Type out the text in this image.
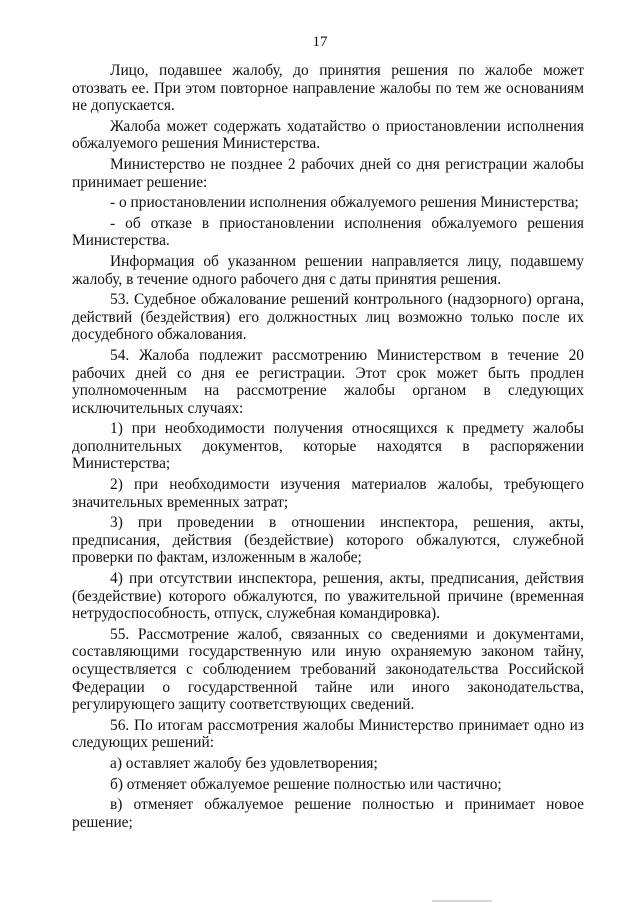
17

Лицо, подавшее жалобу, до принятия решения по жалобе может отозвать ее. При этом повторное направление жалобы по тем же основаниям не допускается.

Жалоба может содержать ходатайство о приостановлении исполнения обжалуемого решения Министерства.

Министерство не позднее 2 рабочих дней со дня регистрации жалобы принимает решение:

- о приостановлении исполнения обжалуемого решения Министерства;

- об отказе в приостановлении исполнения обжалуемого решения Министерства.

Информация об указанном решении направляется лицу, подавшему жалобу, в течение одного рабочего дня с даты принятия решения.

53. Судебное обжалование решений контрольного (надзорного) органа, действий (бездействия) его должностных лиц возможно только после их досудебного обжалования.

54. Жалоба подлежит рассмотрению Министерством в течение 20 рабочих дней со дня ее регистрации. Этот срок может быть продлен уполномоченным на рассмотрение жалобы органом в следующих исключительных случаях:

1) при необходимости получения относящихся к предмету жалобы дополнительных документов, которые находятся в распоряжении Министерства;

2) при необходимости изучения материалов жалобы, требующего значительных временных затрат;

3) при проведении в отношении инспектора, решения, акты, предписания, действия (бездействие) которого обжалуются, служебной проверки по фактам, изложенным в жалобе;

4) при отсутствии инспектора, решения, акты, предписания, действия (бездействие) которого обжалуются, по уважительной причине (временная нетрудоспособность, отпуск, служебная командировка).

55. Рассмотрение жалоб, связанных со сведениями и документами, составляющими государственную или иную охраняемую законом тайну, осуществляется с соблюдением требований законодательства Российской Федерации о государственной тайне или иного законодательства, регулирующего защиту соответствующих сведений.

56. По итогам рассмотрения жалобы Министерство принимает одно из следующих решений:

а) оставляет жалобу без удовлетворения;

б) отменяет обжалуемое решение полностью или частично;

в) отменяет обжалуемое решение полностью и принимает новое решение;
